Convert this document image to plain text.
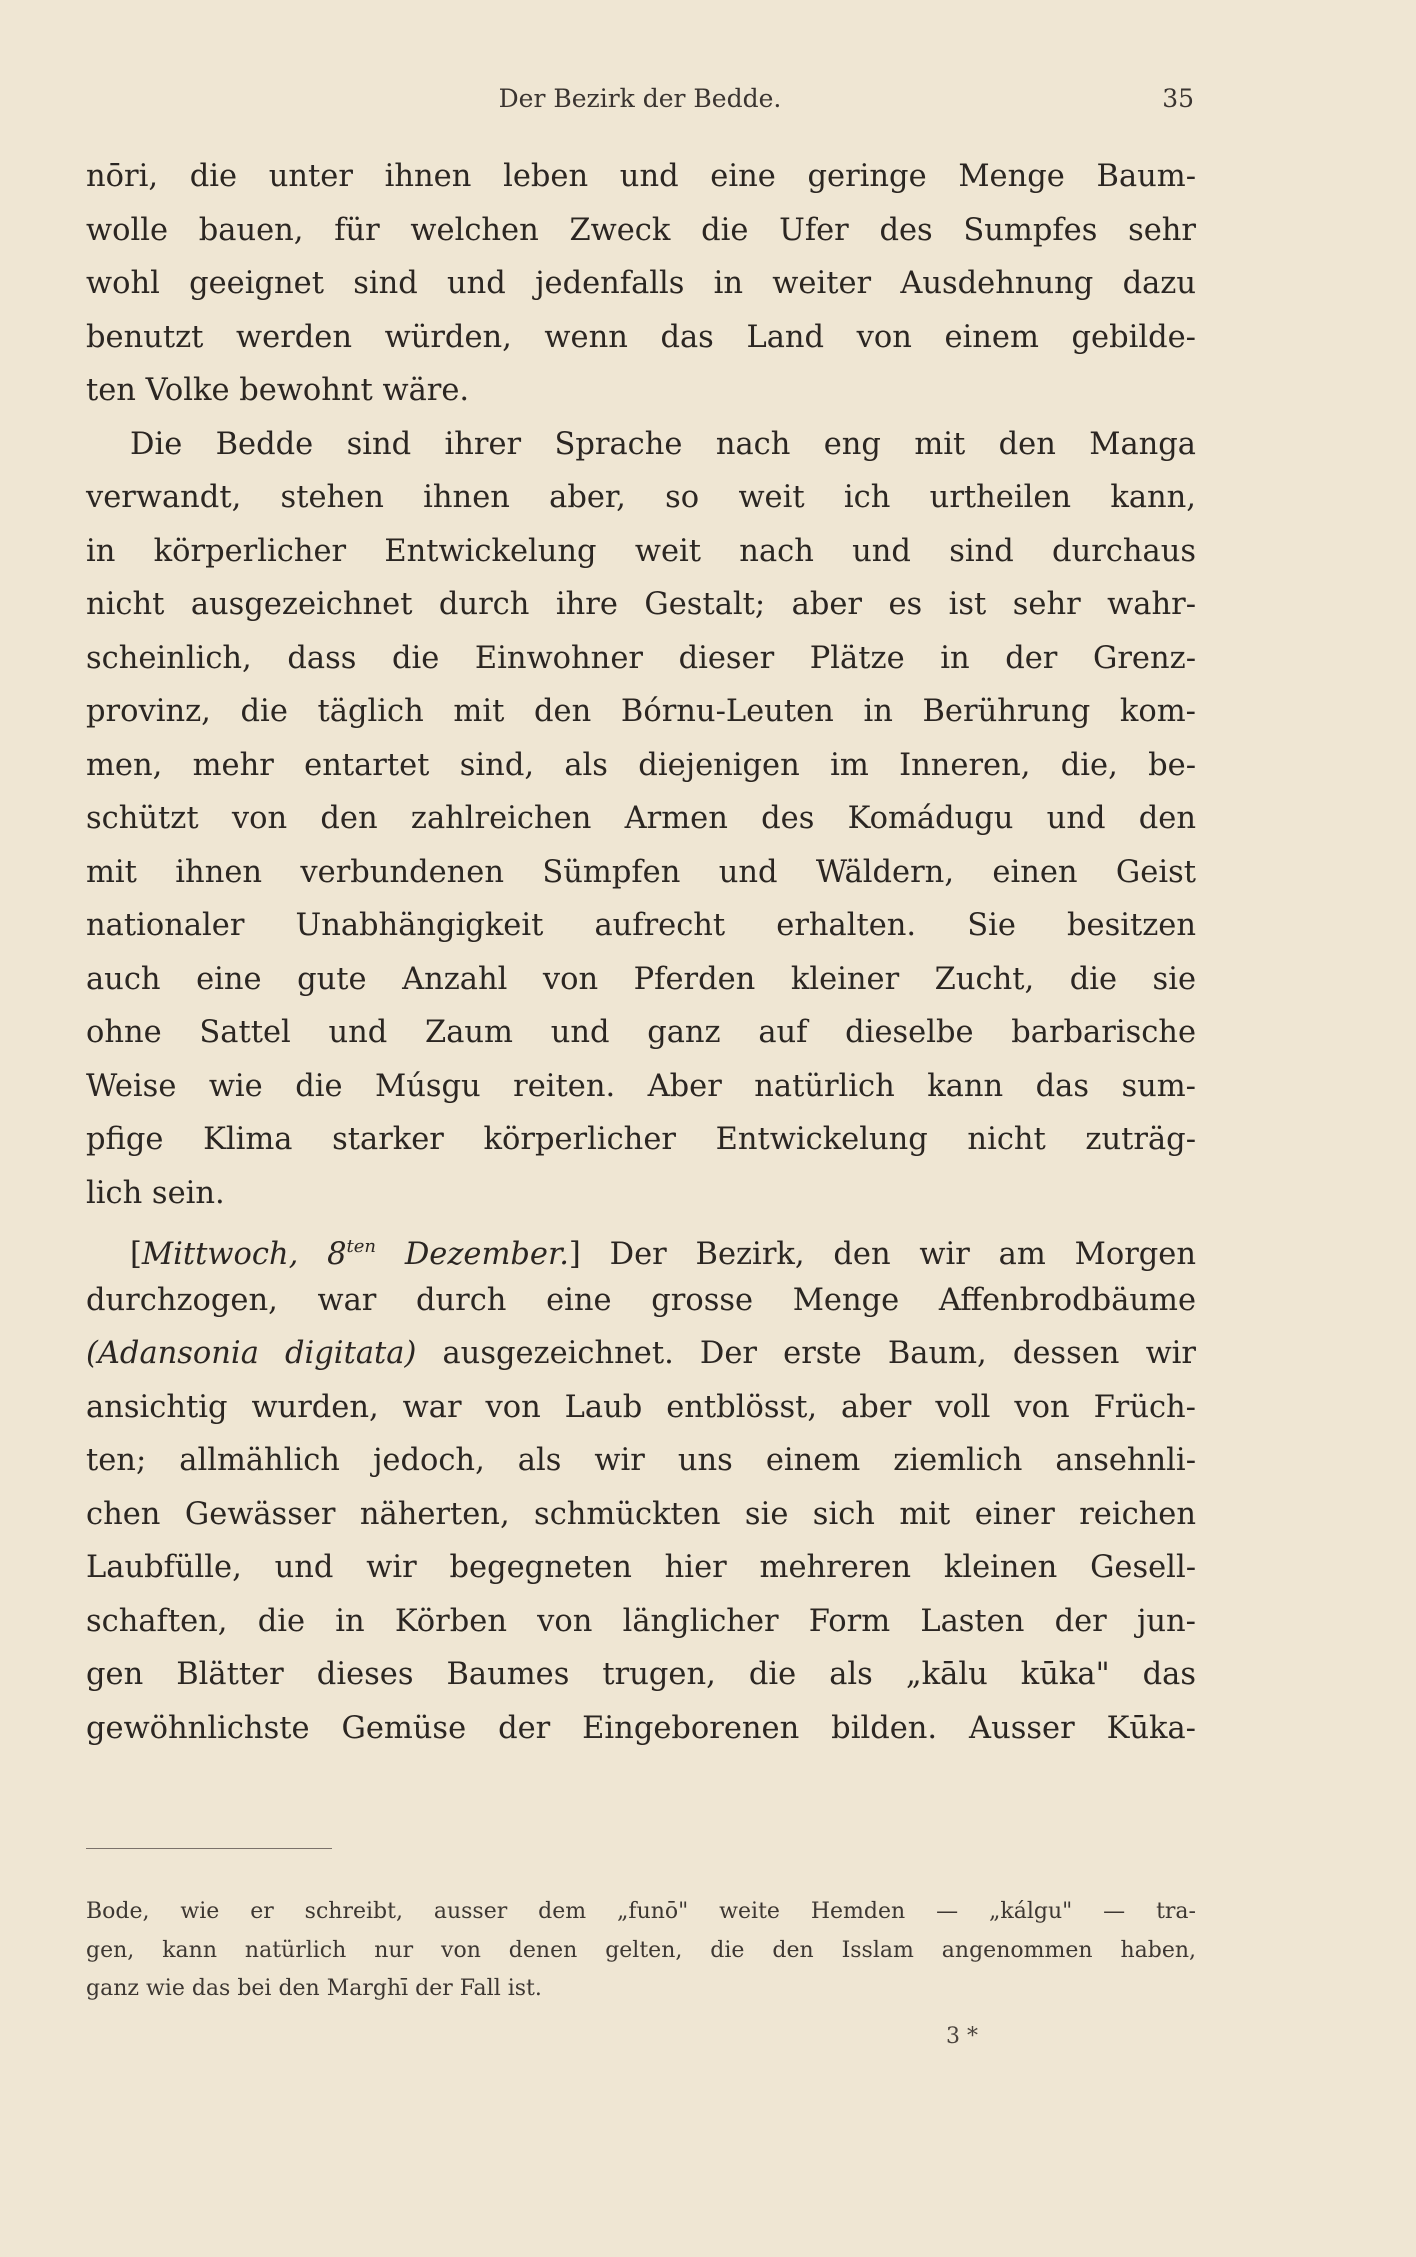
Der Bezirk der Bedde.	35
nōri, die unter ihnen leben und eine geringe Menge Baum-
wolle bauen, für welchen Zweck die Ufer des Sumpfes sehr
wohl geeignet sind und jedenfalls in weiter Ausdehnung dazu
benutzt werden würden, wenn das Land von einem gebilde-
ten Volke bewohnt wäre.
Die Bedde sind ihrer Sprache nach eng mit den Manga
verwandt, stehen ihnen aber, so weit ich urtheilen kann,
in körperlicher Entwickelung weit nach und sind durchaus
nicht ausgezeichnet durch ihre Gestalt; aber es ist sehr wahr-
scheinlich, dass die Einwohner dieser Plätze in der Grenz-
provinz, die täglich mit den Bórnu-Leuten in Berührung kom-
men, mehr entartet sind, als diejenigen im Inneren, die, be-
schützt von den zahlreichen Armen des Komádugu und den
mit ihnen verbundenen Sümpfen und Wäldern, einen Geist
nationaler Unabhängigkeit aufrecht erhalten. Sie besitzen
auch eine gute Anzahl von Pferden kleiner Zucht, die sie
ohne Sattel und Zaum und ganz auf dieselbe barbarische
Weise wie die Músgu reiten. Aber natürlich kann das sum-
pfige Klima starker körperlicher Entwickelung nicht zuträg-
lich sein.
[Mittwoch, $8^{ten}$ Dezember.] Der Bezirk, den wir am Morgen
durchzogen, war durch eine grosse Menge Affenbrodbäume
(Adansonia digitata) ausgezeichnet. Der erste Baum, dessen wir
ansichtig wurden, war von Laub entblösst, aber voll von Früch-
ten; allmählich jedoch, als wir uns einem ziemlich ansehnli-
chen Gewässer näherten, schmückten sie sich mit einer reichen
Laubfülle, und wir begegneten hier mehreren kleinen Gesell-
schaften, die in Körben von länglicher Form Lasten der jun-
gen Blätter dieses Baumes trugen, die als „kālu kūka" das
gewöhnlichste Gemüse der Eingeborenen bilden. Ausser Kūka-
Bode, wie er schreibt, ausser dem „funō" weite Hemden — „kálgu" — tra-
gen, kann natürlich nur von denen gelten, die den Isslam angenommen haben,
ganz wie das bei den Marghī der Fall ist.
3 *
